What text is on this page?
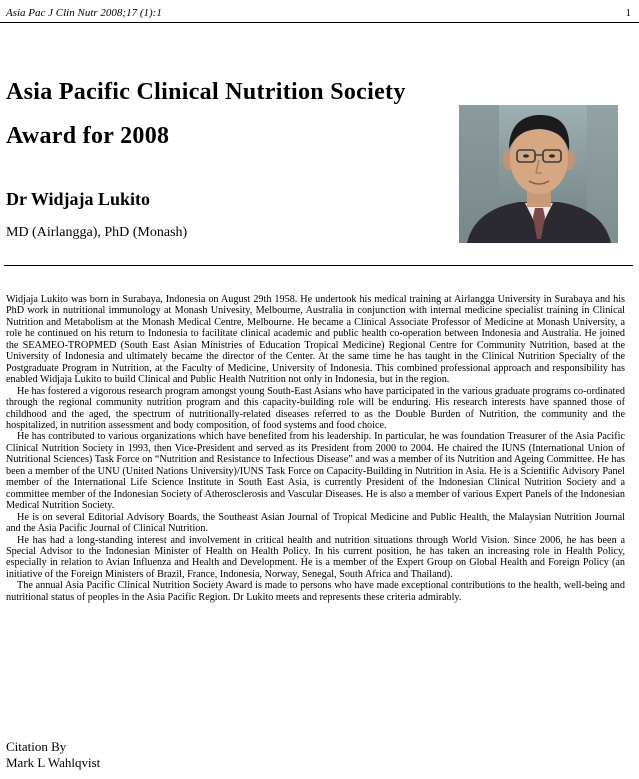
Asia Pac J Clin Nutr 2008;17 (1):1	1
Asia Pacific Clinical Nutrition Society
Award for 2008
Dr Widjaja Lukito
MD (Airlangga), PhD (Monash)

Widjaja Lukito was born in Surabaya, Indonesia on August 29th 1958. He undertook his medical training at Airlangga University in Surabaya and his PhD work in nutritional immunology at Monash Univesity, Melbourne, Australia in conjunction with internal medicine specialist training in Clinical Nutrition and Metabolism at the Monash Medical Centre, Melbourne. He became a Clinical Associate Professor of Medicine at Monash University, a role he continued on his return to Indonesia to facilitate clinical academic and public health co-operation between Indonesia and Australia. He joined the SEAMEO-TROPMED (South East Asian Ministries of Education Tropical Medicine) Regional Centre for Community Nutrition, based at the University of Indonesia and ultimately became the director of the Center. At the same time he has taught in the Clinical Nutrition Specialty of the Postgraduate Program in Nutrition, at the Faculty of Medicine, University of Indonesia. This combined professional approach and responsibility has enabled Widjaja Lukito to build Clinical and Public Health Nutrition not only in Indonesia, but in the region.

He has fostered a vigorous research program amongst young South-East Asians who have participated in the various graduate programs co-ordinated through the regional community nutrition program and this capacity-building role will be enduring. His research interests have spanned those of childhood and the aged, the spectrum of nutritionally-related diseases referred to as the Double Burden of Nutrition, the community and the hospitalized, in nutrition assessment and body composition, of food systems and food choice.

He has contributed to various organizations which have benefited from his leadership. In particular, he was foundation Treasurer of the Asia Pacific Clinical Nutrition Society in 1993, then Vice-President and served as its President from 2000 to 2004. He chaired the IUNS (International Union of Nutritional Sciences) Task Force on “Nutrition and Resistance to Infectious Disease” and was a member of its Nutrition and Ageing Committee. He has been a member of the UNU (United Nations University)/IUNS Task Force on Capacity-Building in Nutrition in Asia. He is a Scientific Advisory Panel member of the International Life Science Institute in South East Asia, is currently President of the Indonesian Clinical Nutrition Society and a committee member of the Indonesian Society of Atherosclerosis and Vascular Diseases. He is also a member of various Expert Panels of the Indonesian Medical Nutrition Society.

He is on several Editorial Advisory Boards, the Southeast Asian Journal of Tropical Medicine and Public Health, the Malaysian Nutrition Journal and the Asia Pacific Journal of Clinical Nutrition.

He has had a long-standing interest and involvement in critical health and nutrition situations through World Vision. Since 2006, he has been a Special Advisor to the Indonesian Minister of Health on Health Policy. In his current position, he has taken an increasing role in Health Policy, especially in relation to Avian Influenza and Health and Development. He is a member of the Expert Group on Global Health and Foreign Policy (an initiative of the Foreign Ministers of Brazil, France, Indonesia, Norway, Senegal, South Africa and Thailand).

The annual Asia Pacific Clinical Nutrition Society Award is made to persons who have made exceptional contributions to the health, well-being and nutritional status of peoples in the Asia Pacific Region. Dr Lukito meets and represents these criteria admirably.

Citation By
Mark L Wahlqvist
